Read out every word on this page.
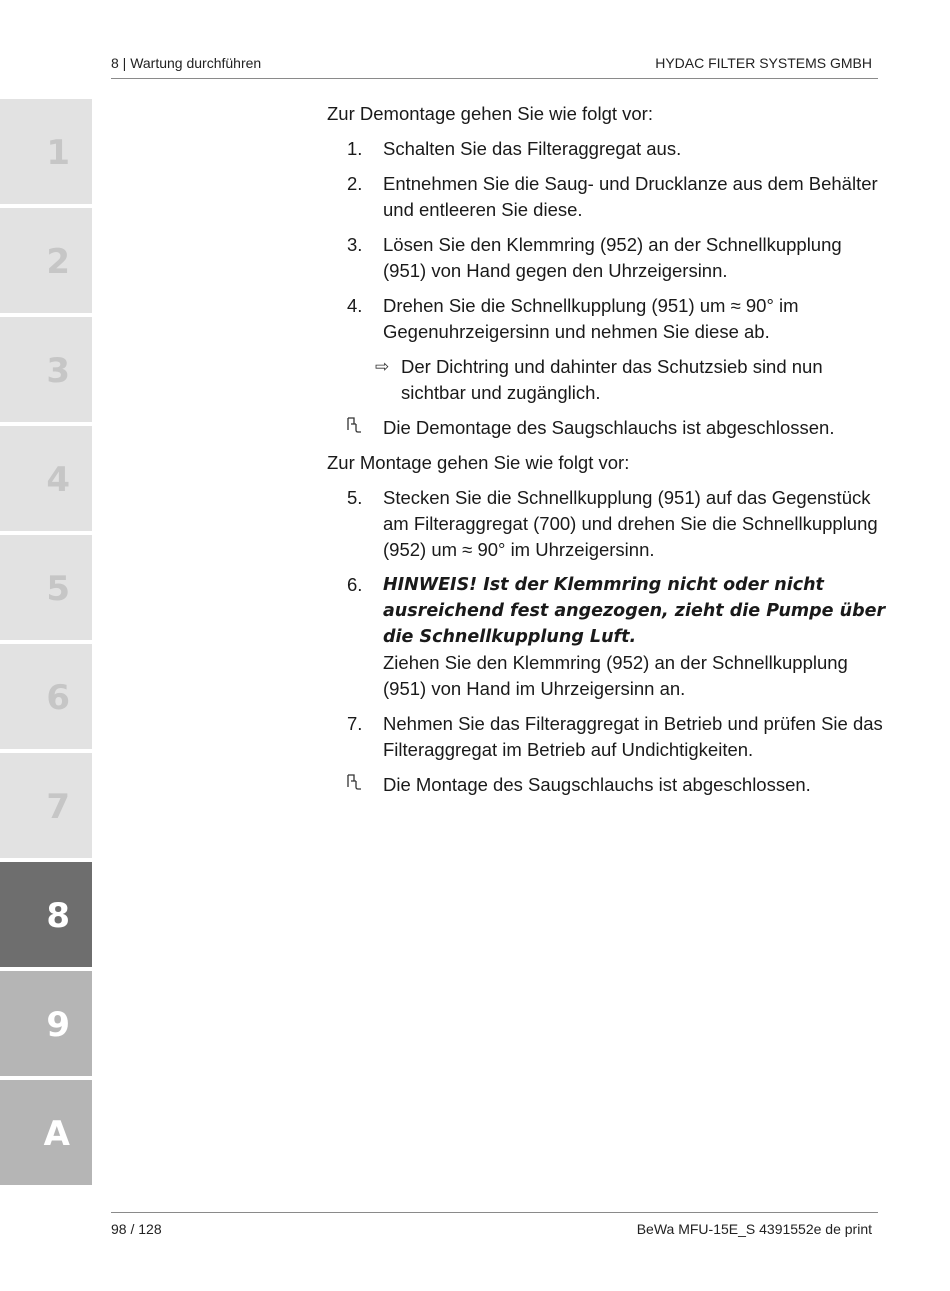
8 | Wartung durchführen	HYDAC FILTER SYSTEMS GMBH
1
2
3
4
5
6
7
8
9
A

Zur Demontage gehen Sie wie folgt vor:

1. Schalten Sie das Filteraggregat aus.
2. Entnehmen Sie die Saug- und Drucklanze aus dem Behälter und entleeren Sie diese.
3. Lösen Sie den Klemmring (952) an der Schnellkupplung (951) von Hand gegen den Uhrzeigersinn.
4. Drehen Sie die Schnellkupplung (951) um ≈ 90° im Gegenuhrzeigersinn und nehmen Sie diese ab.
⇨ Der Dichtring und dahinter das Schutzsieb sind nun sichtbar und zugänglich.
Die Demontage des Saugschlauchs ist abgeschlossen.

Zur Montage gehen Sie wie folgt vor:

5. Stecken Sie die Schnellkupplung (951) auf das Gegenstück am Filteraggregat (700) und drehen Sie die Schnellkupplung (952) um ≈ 90° im Uhrzeigersinn.
6. HINWEIS! Ist der Klemmring nicht oder nicht ausreichend fest angezogen, zieht die Pumpe über die Schnellkupplung Luft.
Ziehen Sie den Klemmring (952) an der Schnellkupplung (951) von Hand im Uhrzeigersinn an.
7. Nehmen Sie das Filteraggregat in Betrieb und prüfen Sie das Filteraggregat im Betrieb auf Undichtigkeiten.
Die Montage des Saugschlauchs ist abgeschlossen.
98 / 128	BeWa MFU-15E_S 4391552e de print
